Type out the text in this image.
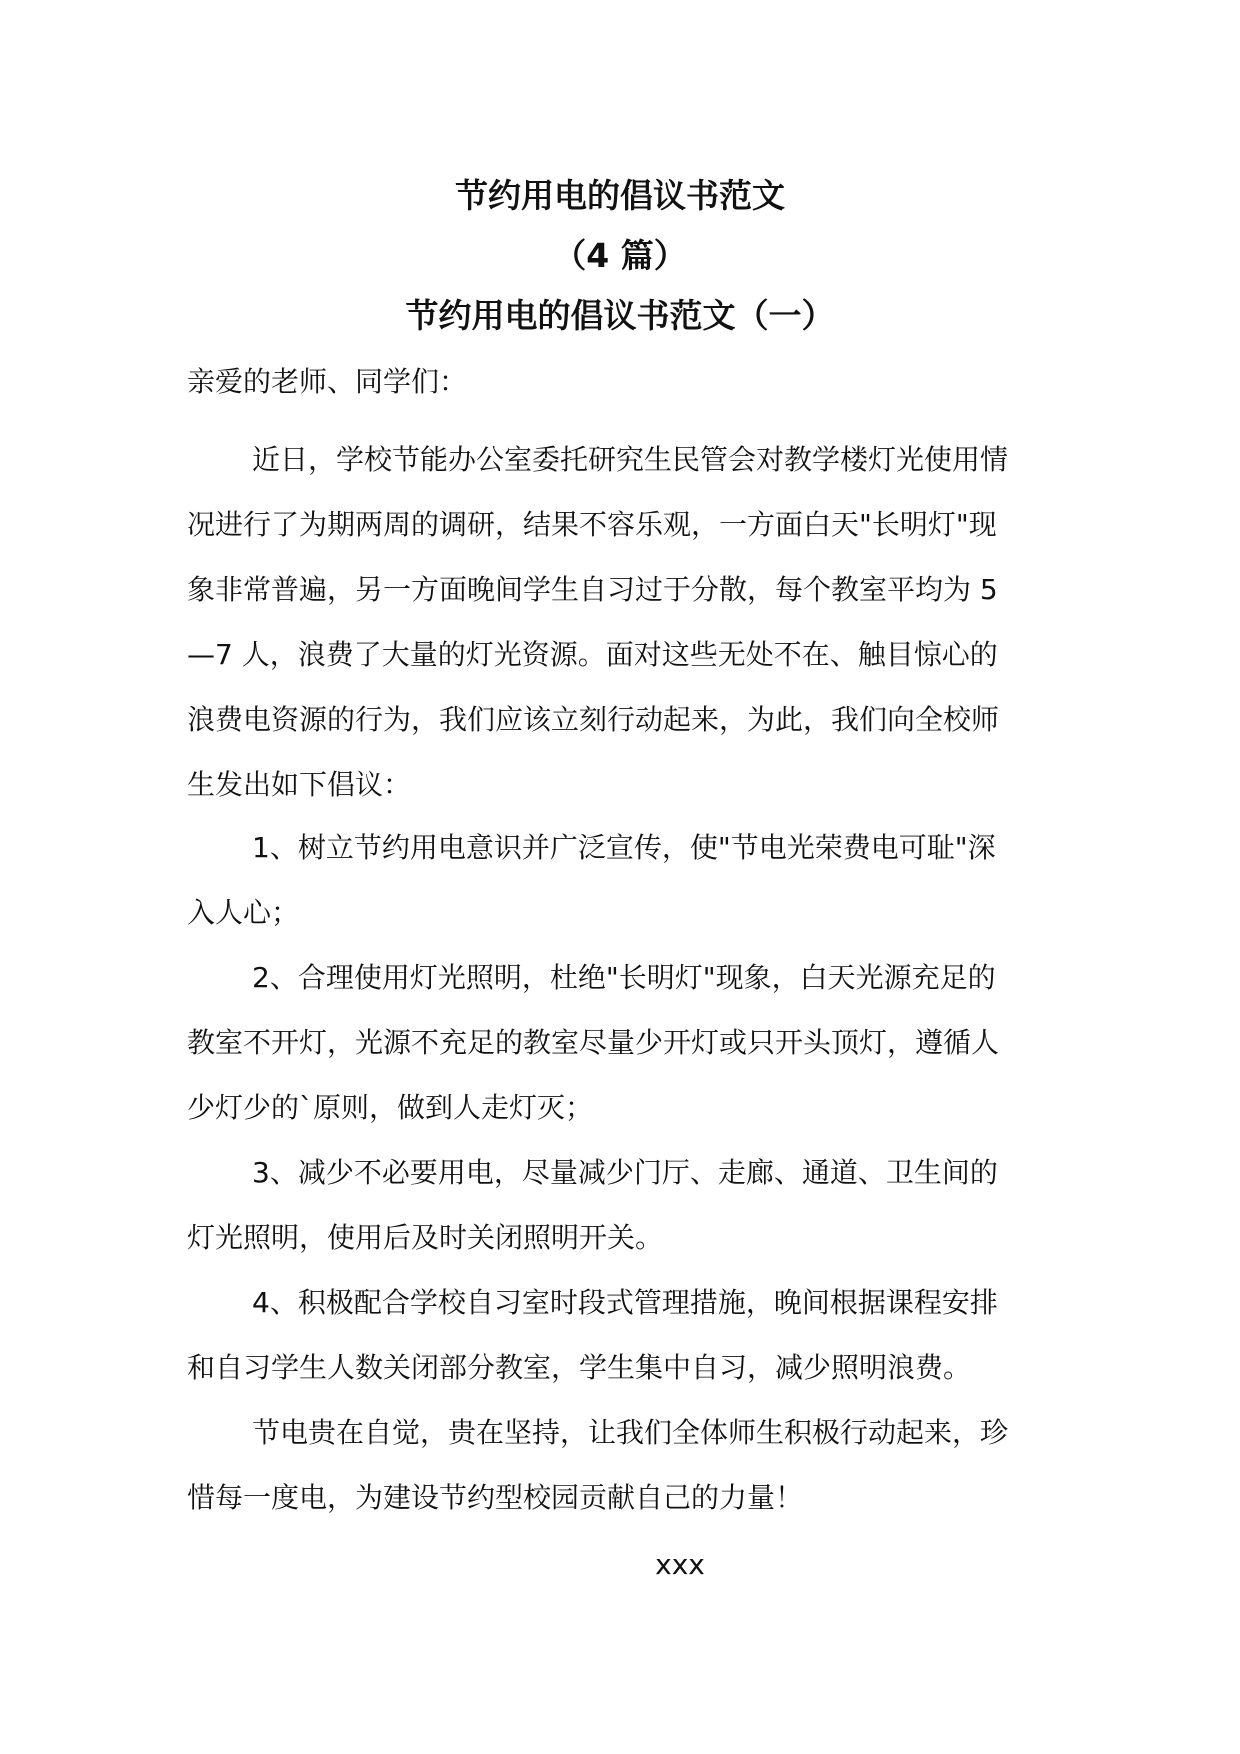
节约用电的倡议书范文
（4 篇）
节约用电的倡议书范文（一）
亲爱的老师、同学们：
近日，学校节能办公室委托研究生民管会对教学楼灯光使用情
况进行了为期两周的调研，结果不容乐观，一方面白天"长明灯"现
象非常普遍，另一方面晚间学生自习过于分散，每个教室平均为 5
—7 人，浪费了大量的灯光资源。面对这些无处不在、触目惊心的
浪费电资源的行为，我们应该立刻行动起来，为此，我们向全校师
生发出如下倡议：
1、树立节约用电意识并广泛宣传，使"节电光荣费电可耻"深
入人心；
2、合理使用灯光照明，杜绝"长明灯"现象，白天光源充足的
教室不开灯，光源不充足的教室尽量少开灯或只开头顶灯，遵循人
少灯少的`原则，做到人走灯灭；
3、减少不必要用电，尽量减少门厅、走廊、通道、卫生间的
灯光照明，使用后及时关闭照明开关。
4、积极配合学校自习室时段式管理措施，晚间根据课程安排
和自习学生人数关闭部分教室，学生集中自习，减少照明浪费。
节电贵在自觉，贵在坚持，让我们全体师生积极行动起来，珍
惜每一度电，为建设节约型校园贡献自己的力量！
xxx
